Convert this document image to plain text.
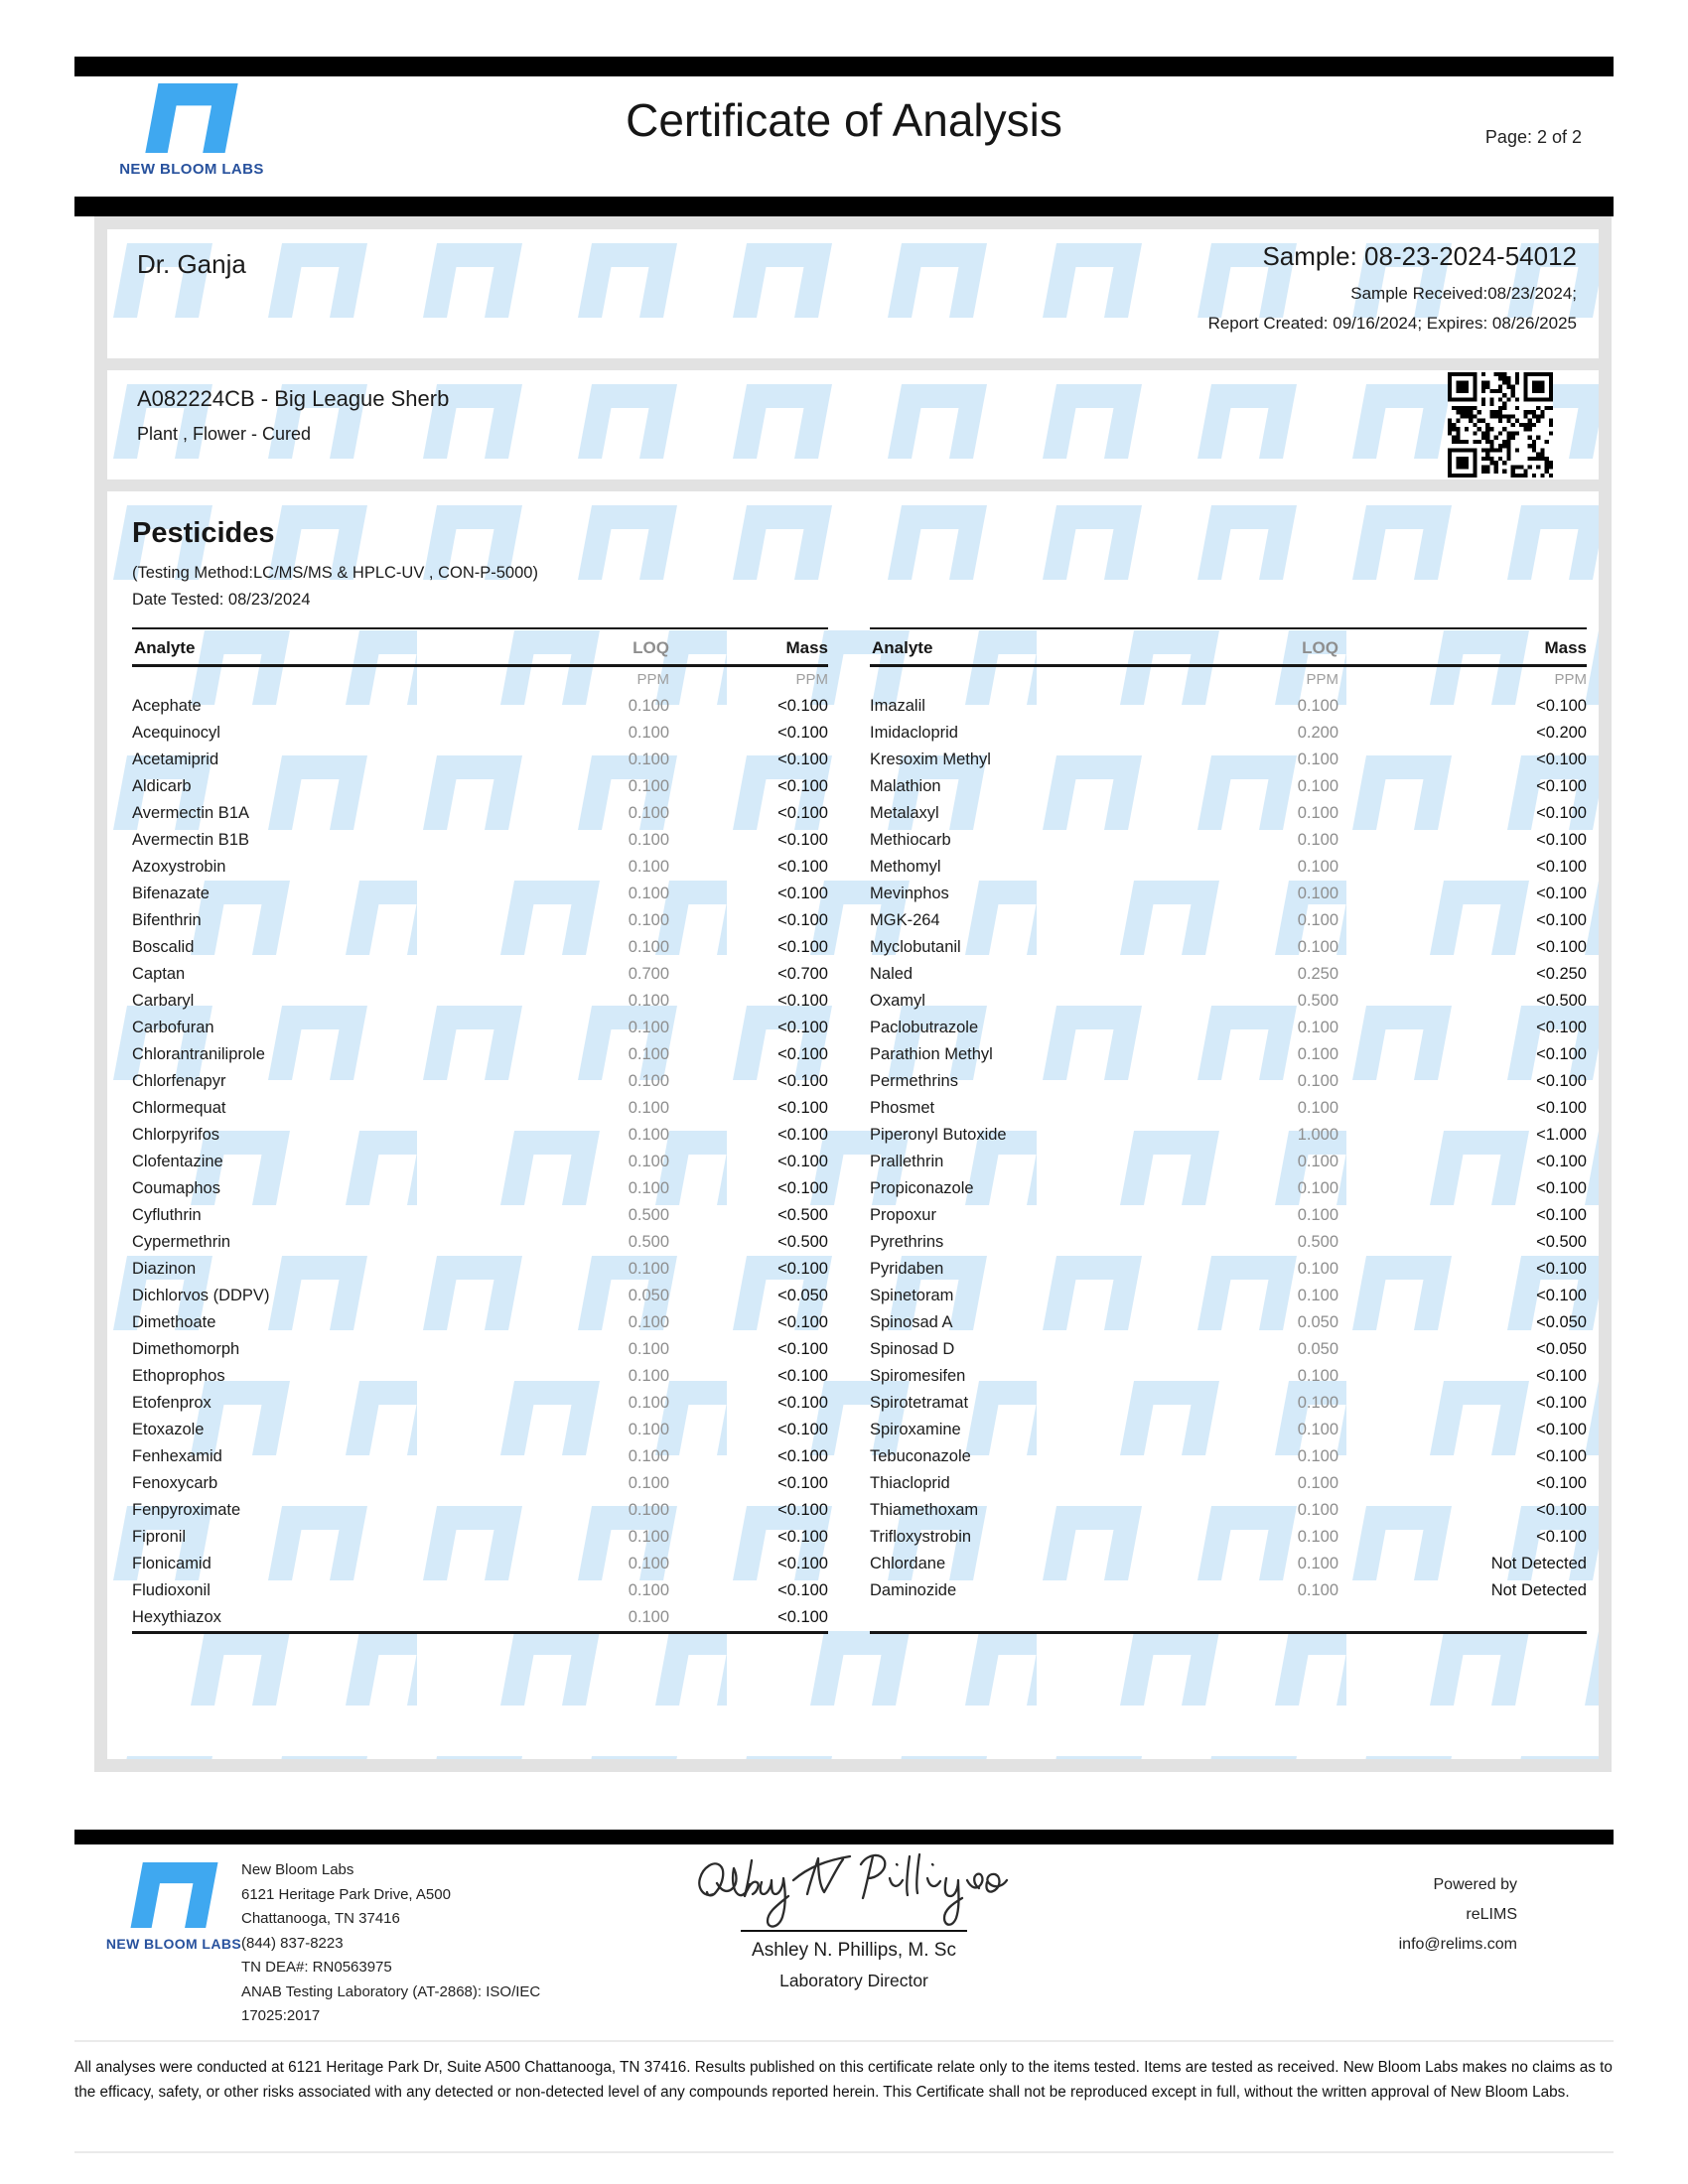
NEW BLOOM LABS
Certificate of Analysis	Page: 2 of 2
Dr. Ganja	Sample: 08-23-2024-54012
Sample Received:08/23/2024;
Report Created: 09/16/2024; Expires: 08/26/2025
A082224CB - Big League Sherb
Plant , Flower - Cured
Pesticides
(Testing Method:LC/MS/MS & HPLC-UV , CON-P-5000)
Date Tested: 08/23/2024
Analyte	LOQ	Mass
	PPM	PPM
Acephate	0.100	<0.100
Acequinocyl	0.100	<0.100
Acetamiprid	0.100	<0.100
Aldicarb	0.100	<0.100
Avermectin B1A	0.100	<0.100
Avermectin B1B	0.100	<0.100
Azoxystrobin	0.100	<0.100
Bifenazate	0.100	<0.100
Bifenthrin	0.100	<0.100
Boscalid	0.100	<0.100
Captan	0.700	<0.700
Carbaryl	0.100	<0.100
Carbofuran	0.100	<0.100
Chlorantraniliprole	0.100	<0.100
Chlorfenapyr	0.100	<0.100
Chlormequat	0.100	<0.100
Chlorpyrifos	0.100	<0.100
Clofentazine	0.100	<0.100
Coumaphos	0.100	<0.100
Cyfluthrin	0.500	<0.500
Cypermethrin	0.500	<0.500
Diazinon	0.100	<0.100
Dichlorvos (DDPV)	0.050	<0.050
Dimethoate	0.100	<0.100
Dimethomorph	0.100	<0.100
Ethoprophos	0.100	<0.100
Etofenprox	0.100	<0.100
Etoxazole	0.100	<0.100
Fenhexamid	0.100	<0.100
Fenoxycarb	0.100	<0.100
Fenpyroximate	0.100	<0.100
Fipronil	0.100	<0.100
Flonicamid	0.100	<0.100
Fludioxonil	0.100	<0.100
Hexythiazox	0.100	<0.100
Analyte	LOQ	Mass
	PPM	PPM
Imazalil	0.100	<0.100
Imidacloprid	0.200	<0.200
Kresoxim Methyl	0.100	<0.100
Malathion	0.100	<0.100
Metalaxyl	0.100	<0.100
Methiocarb	0.100	<0.100
Methomyl	0.100	<0.100
Mevinphos	0.100	<0.100
MGK-264	0.100	<0.100
Myclobutanil	0.100	<0.100
Naled	0.250	<0.250
Oxamyl	0.500	<0.500
Paclobutrazole	0.100	<0.100
Parathion Methyl	0.100	<0.100
Permethrins	0.100	<0.100
Phosmet	0.100	<0.100
Piperonyl Butoxide	1.000	<1.000
Prallethrin	0.100	<0.100
Propiconazole	0.100	<0.100
Propoxur	0.100	<0.100
Pyrethrins	0.500	<0.500
Pyridaben	0.100	<0.100
Spinetoram	0.100	<0.100
Spinosad A	0.050	<0.050
Spinosad D	0.050	<0.050
Spiromesifen	0.100	<0.100
Spirotetramat	0.100	<0.100
Spiroxamine	0.100	<0.100
Tebuconazole	0.100	<0.100
Thiacloprid	0.100	<0.100
Thiamethoxam	0.100	<0.100
Trifloxystrobin	0.100	<0.100
Chlordane	0.100	Not Detected
Daminozide	0.100	Not Detected

NEW BLOOM LABS
New Bloom Labs
6121 Heritage Park Drive, A500
Chattanooga, TN 37416
(844) 837-8223
TN DEA#: RN0563975
ANAB Testing Laboratory (AT-2868): ISO/IEC
17025:2017
Ashley N. Phillips, M. Sc
Laboratory Director
Powered by
reLIMS
info@relims.com

All analyses were conducted at 6121 Heritage Park Dr, Suite A500 Chattanooga, TN 37416. Results published on this certificate relate only to the items tested. Items are tested as received. New Bloom Labs makes no claims as to the efficacy, safety, or other risks associated with any detected or non-detected level of any compounds reported herein. This Certificate shall not be reproduced except in full, without the written approval of New Bloom Labs.
